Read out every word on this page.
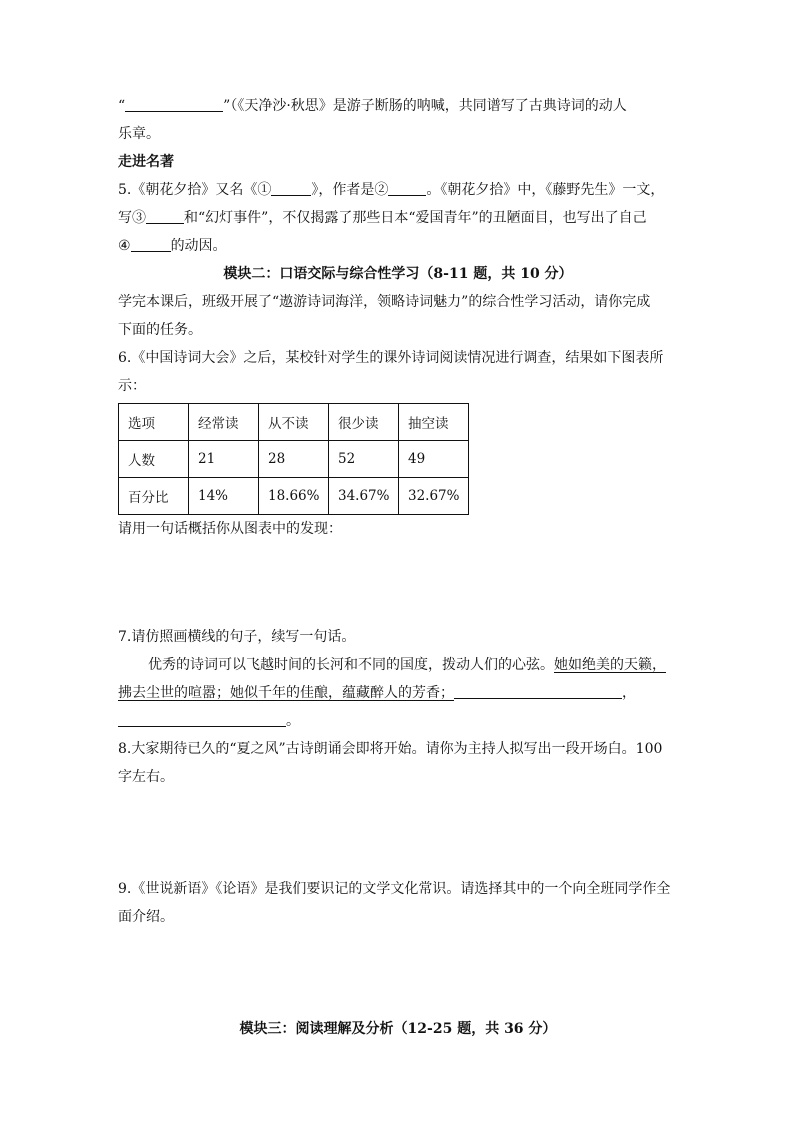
“	”（《天净沙·秋思》是游子断肠的呐喊，共同谱写了古典诗词的动人
乐章。
走进名著
5.《朝花夕拾》又名《①	》，作者是②	。《朝花夕拾》中，《藤野先生》一文，
写③	和“幻灯事件”，不仅揭露了那些日本“爱国青年”的丑陋面目，也写出了自己
④	的动因。
模块二：口语交际与综合性学习（8-11 题，共 10 分）
学完本课后，班级开展了“遨游诗词海洋，领略诗词魅力”的综合性学习活动，请你完成
下面的任务。
6.《中国诗词大会》之后，某校针对学生的课外诗词阅读情况进行调查，结果如下图表所
示：
选项	经常读	从不读	很少读	抽空读
人数	21	28	52	49
百分比	14%	18.66%	34.67%	32.67%
请用一句话概括你从图表中的发现：
7.请仿照画横线的句子，续写一句话。
优秀的诗词可以飞越时间的长河和不同的国度，拨动人们的心弦。她如绝美的天籁，
拂去尘世的喧嚣；她似千年的佳酿，蕴藏醉人的芳香；	，
。
8.大家期待已久的“夏之风”古诗朗诵会即将开始。请你为主持人拟写出一段开场白。100
字左右。
9.《世说新语》《论语》是我们要识记的文学文化常识。请选择其中的一个向全班同学作全
面介绍。
模块三：阅读理解及分析（12-25 题，共 36 分）
